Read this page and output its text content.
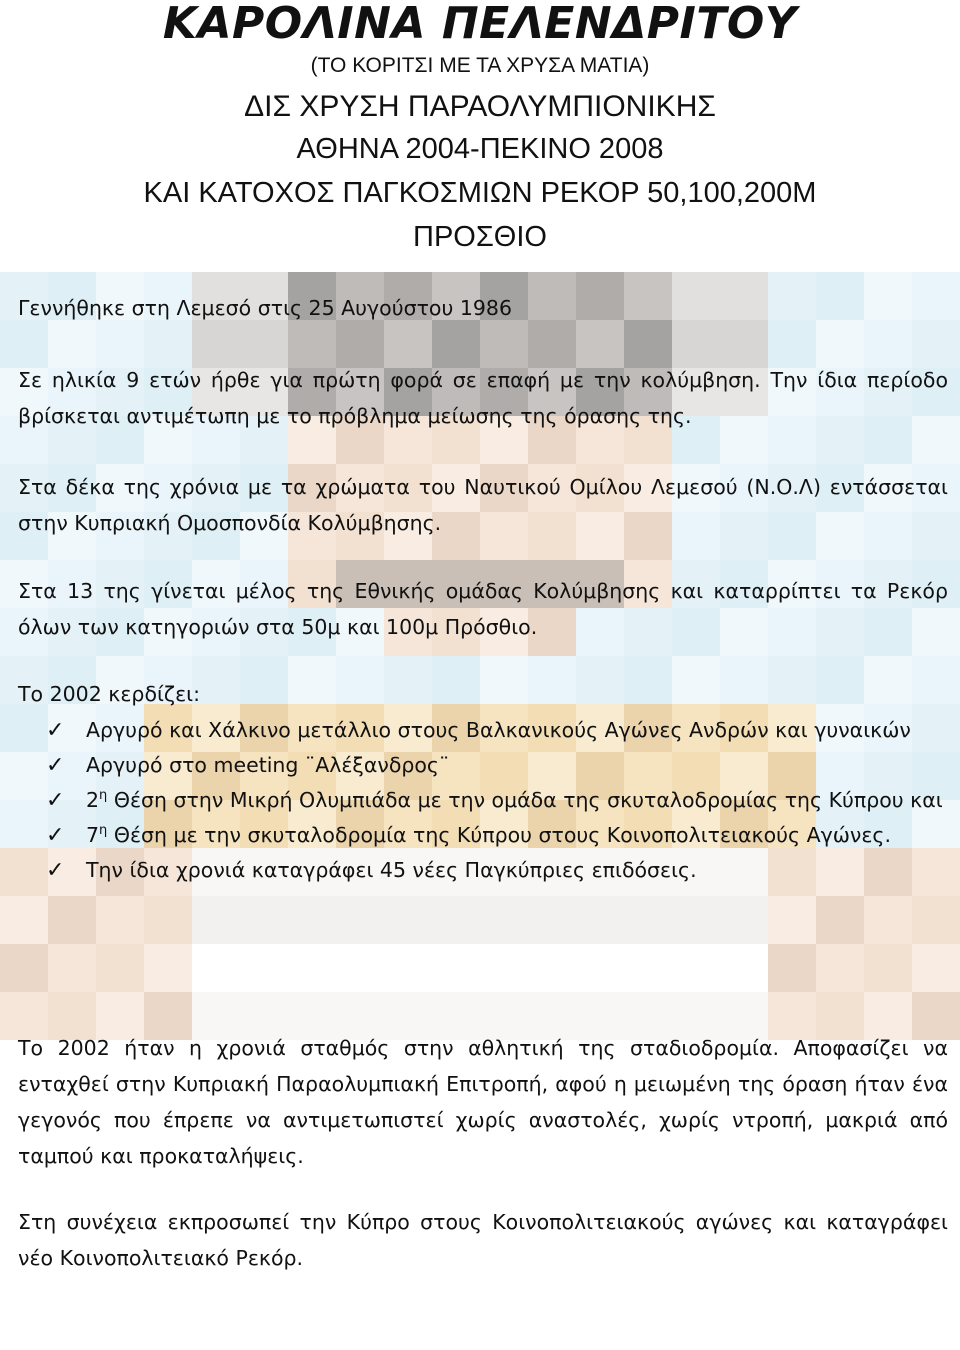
ΚΑΡΟΛΙΝΑ ΠΕΛΕΝΔΡΙΤΟΥ
(ΤΟ ΚΟΡΙΤΣΙ ΜΕ ΤΑ ΧΡΥΣΑ ΜΑΤΙΑ)
ΔΙΣ ΧΡΥΣΗ ΠΑΡΑΟΛΥΜΠΙΟΝΙΚΗΣ
ΑΘΗΝΑ 2004-ΠΕΚΙΝΟ 2008
ΚΑΙ ΚΑΤΟΧΟΣ ΠΑΓΚΟΣΜΙΩΝ ΡΕΚΟΡ 50,100,200Μ
ΠΡΟΣΘΙΟ

Γεννήθηκε στη Λεμεσό στις 25 Αυγούστου 1986

Σε ηλικία 9 ετών ήρθε για πρώτη φορά σε επαφή με την κολύμβηση. Την ίδια περίοδο βρίσκεται αντιμέτωπη με το πρόβλημα μείωσης της όρασης της.

Στα δέκα της χρόνια με τα χρώματα του Ναυτικού Ομίλου Λεμεσού (Ν.Ο.Λ) εντάσσεται στην Κυπριακή Ομοσπονδία Κολύμβησης.

Στα 13 της γίνεται μέλος της Εθνικής ομάδας Κολύμβησης και καταρρίπτει τα Ρεκόρ όλων των κατηγοριών στα 50μ και 100μ Πρόσθιο.

Το 2002 κερδίζει:

✓ Αργυρό και Χάλκινο μετάλλιο στους Βαλκανικούς Αγώνες Ανδρών και γυναικών
✓ Αργυρό στο meeting ¨Αλέξανδρος¨
✓ $2^\eta$ Θέση στην Μικρή Ολυμπιάδα με την ομάδα της σκυταλοδρομίας της Κύπρου και
✓ $7^\eta$ Θέση με την σκυταλοδρομία της Κύπρου στους Κοινοπολιτειακούς Αγώνες.
✓ Την ίδια χρονιά καταγράφει 45 νέες Παγκύπριες επιδόσεις.

Το 2002 ήταν η χρονιά σταθμός στην αθλητική της σταδιοδρομία. Αποφασίζει να ενταχθεί στην Κυπριακή Παραολυμπιακή Επιτροπή, αφού η μειωμένη της όραση ήταν ένα γεγονός που έπρεπε να αντιμετωπιστεί χωρίς αναστολές, χωρίς ντροπή, μακριά από ταμπού και προκαταλήψεις.

Στη συνέχεια εκπροσωπεί την Κύπρο στους Κοινοπολιτειακούς αγώνες και καταγράφει νέο Κοινοπολιτειακό Ρεκόρ.
